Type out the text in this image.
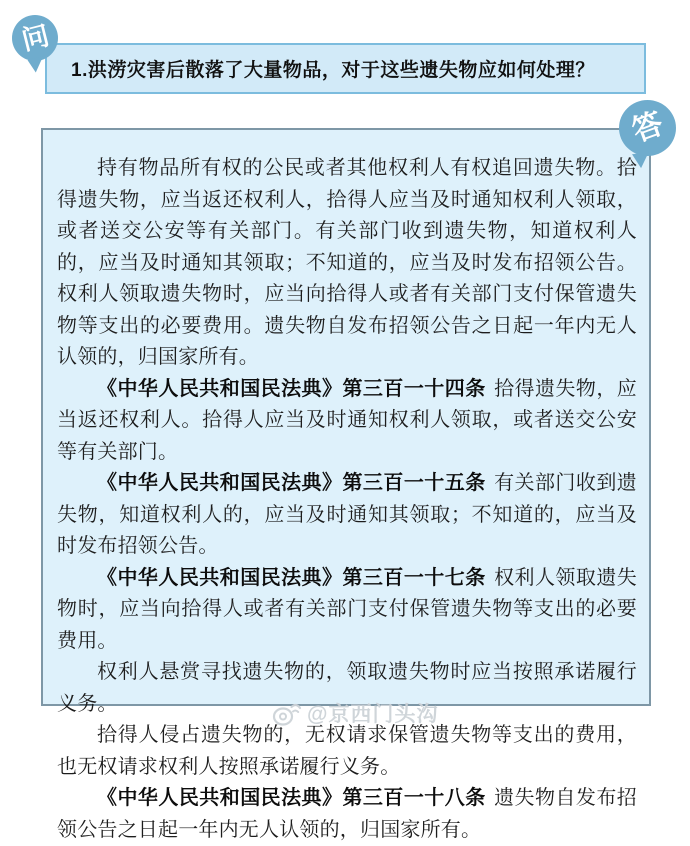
问
1.洪涝灾害后散落了大量物品，对于这些遗失物应如何处理？
答

持有物品所有权的公民或者其他权利人有权追回遗失物。拾得遗失物，应当返还权利人，拾得人应当及时通知权利人领取，或者送交公安等有关部门。有关部门收到遗失物，知道权利人的，应当及时通知其领取；不知道的，应当及时发布招领公告。权利人领取遗失物时，应当向拾得人或者有关部门支付保管遗失物等支出的必要费用。遗失物自发布招领公告之日起一年内无人认领的，归国家所有。

《中华人民共和国民法典》第三百一十四条 拾得遗失物，应当返还权利人。拾得人应当及时通知权利人领取，或者送交公安等有关部门。

《中华人民共和国民法典》第三百一十五条 有关部门收到遗失物，知道权利人的，应当及时通知其领取；不知道的，应当及时发布招领公告。

《中华人民共和国民法典》第三百一十七条 权利人领取遗失物时，应当向拾得人或者有关部门支付保管遗失物等支出的必要费用。

权利人悬赏寻找遗失物的，领取遗失物时应当按照承诺履行义务。

拾得人侵占遗失物的，无权请求保管遗失物等支出的费用，也无权请求权利人按照承诺履行义务。

《中华人民共和国民法典》第三百一十八条 遗失物自发布招领公告之日起一年内无人认领的，归国家所有。

@京西门头沟
